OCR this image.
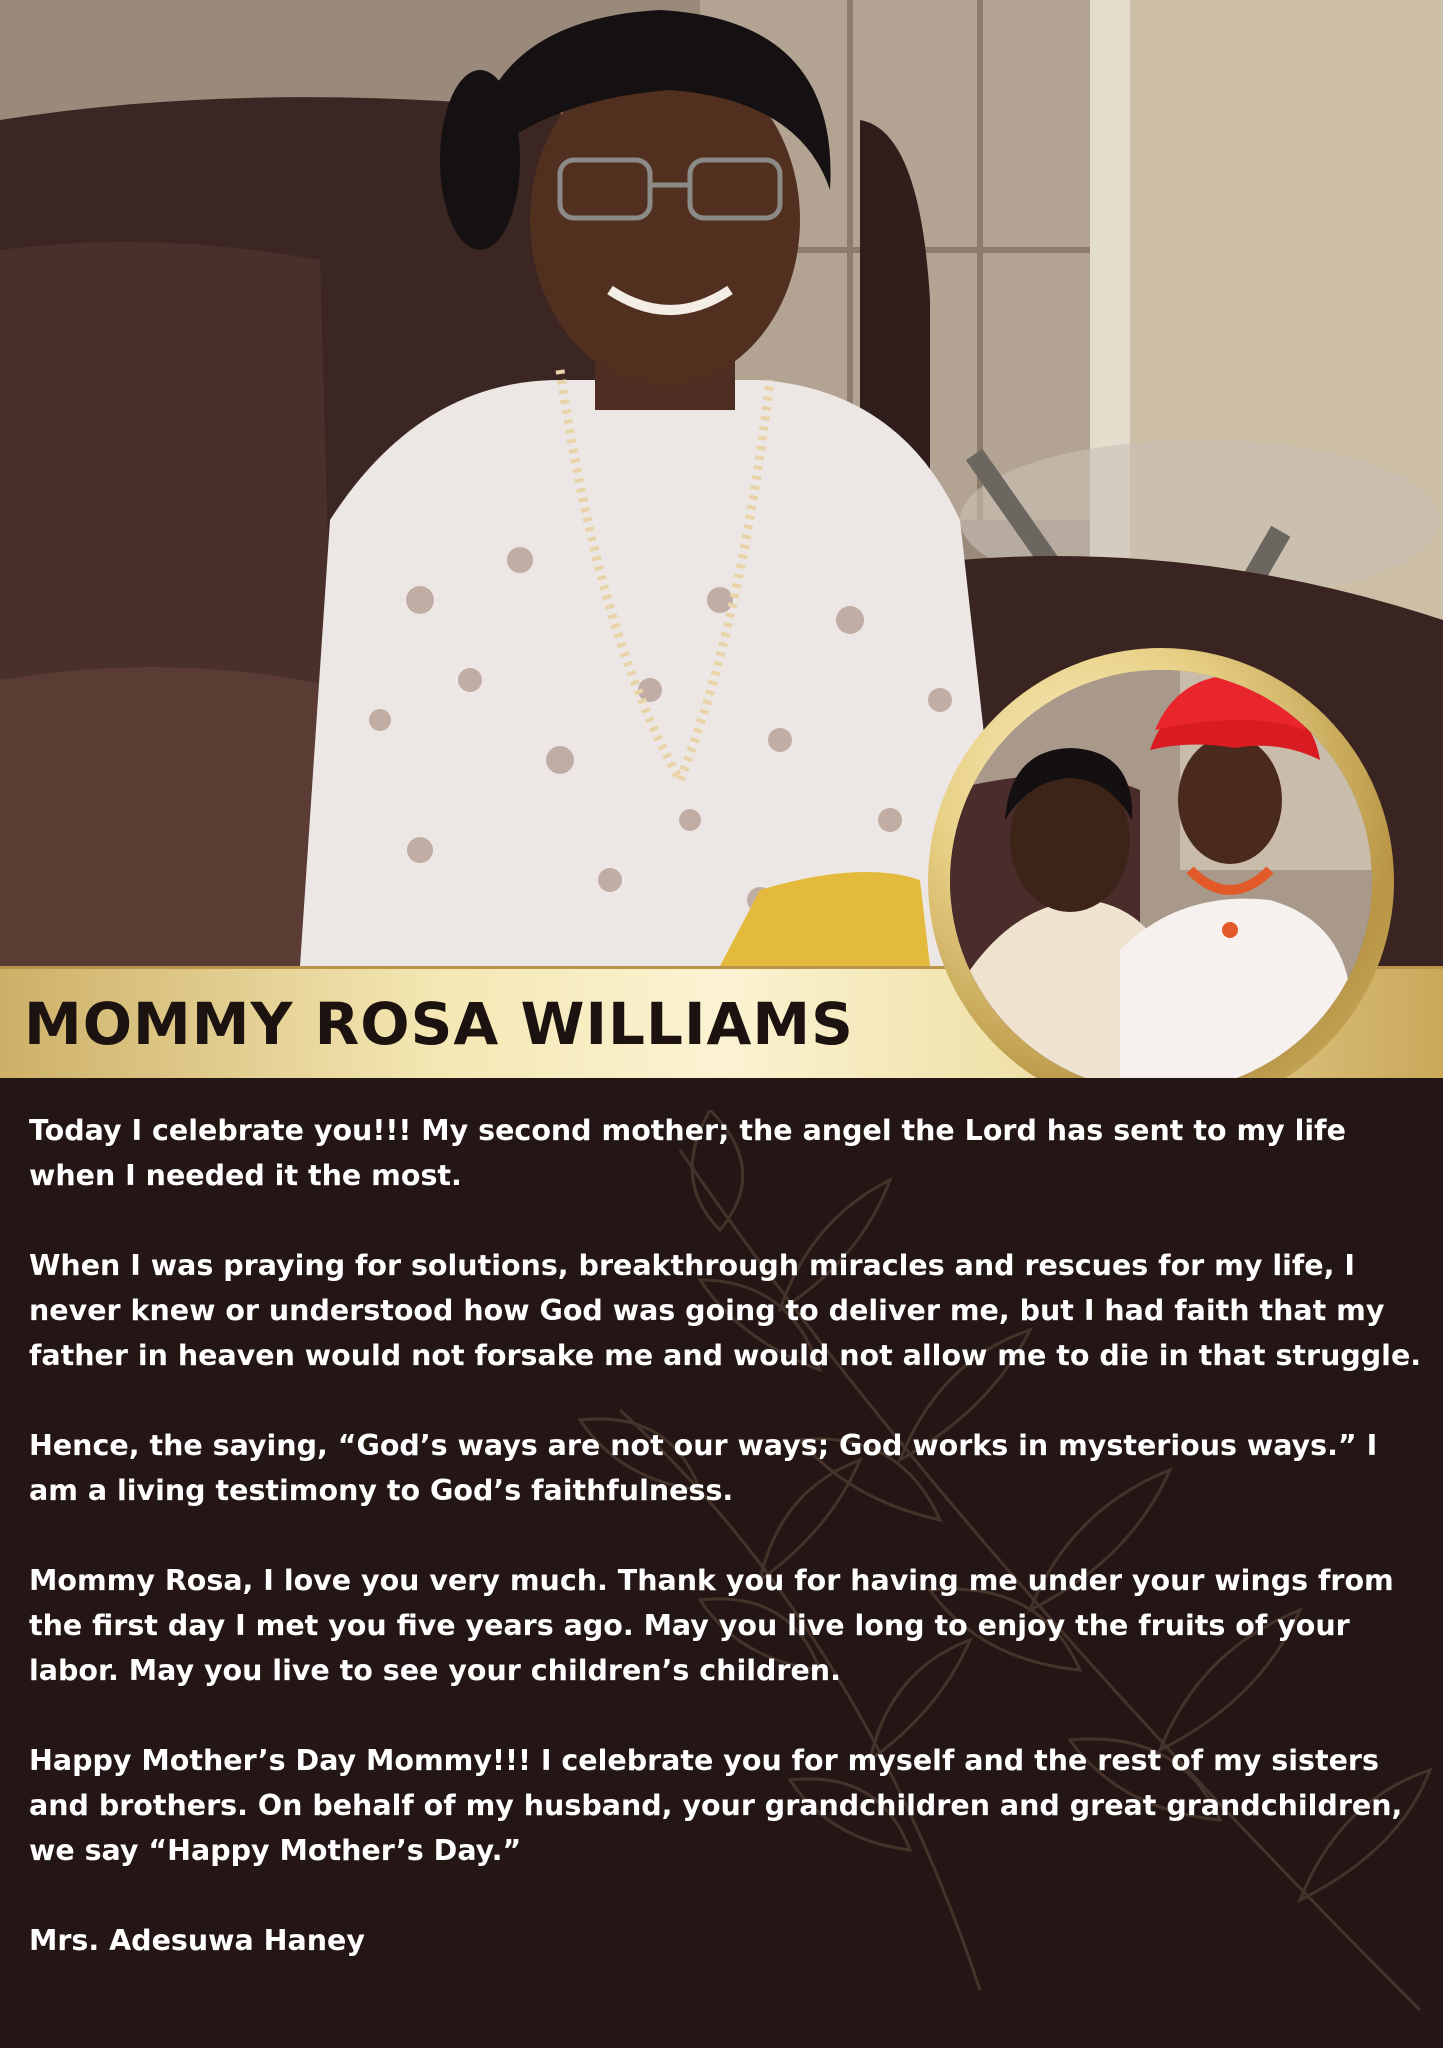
MOMMY ROSA WILLIAMS

Today I celebrate you!!! My second mother; the angel the Lord has sent to my life when I needed it the most.

When I was praying for solutions, breakthrough miracles and rescues for my life, I never knew or understood how God was going to deliver me, but I had faith that my father in heaven would not forsake me and would not allow me to die in that struggle.

Hence, the saying, “God’s ways are not our ways; God works in mysterious ways.” I am a living testimony to God’s faithfulness.

Mommy Rosa, I love you very much. Thank you for having me under your wings from the first day I met you five years ago. May you live long to enjoy the fruits of your labor. May you live to see your children’s children.

Happy Mother’s Day Mommy!!! I celebrate you for myself and the rest of my sisters and brothers. On behalf of my husband, your grandchildren and great grandchildren, we say “Happy Mother’s Day.”

Mrs. Adesuwa Haney
